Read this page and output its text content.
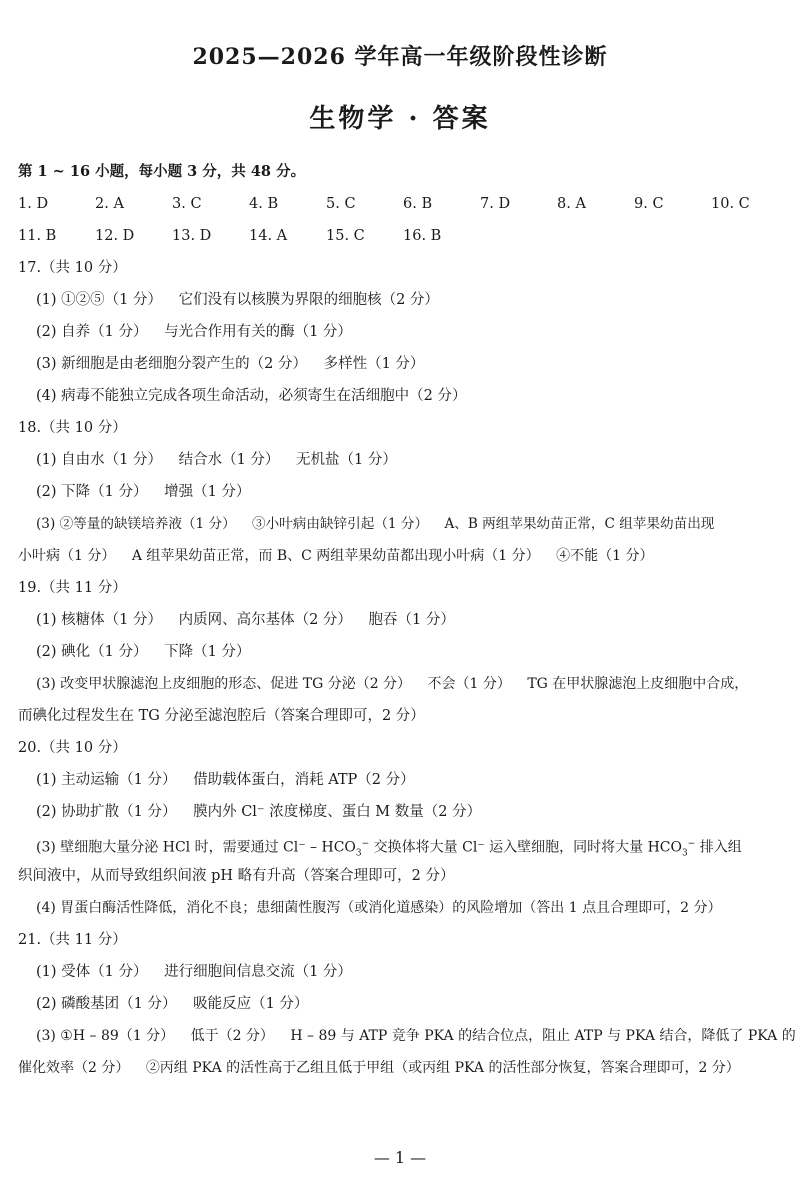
2025—2026 学年高一年级阶段性诊断
生物学 · 答案
第 1 ~ 16 小题，每小题 3 分，共 48 分。
1. D	2. A	3. C	4. B	5. C	6. B	7. D	8. A	9. C	10. C
11. B	12. D	13. D	14. A	15. C	16. B
17.（共 10 分）
(1) ①②⑤（1 分） 它们没有以核膜为界限的细胞核（2 分）
(2) 自养（1 分） 与光合作用有关的酶（1 分）
(3) 新细胞是由老细胞分裂产生的（2 分） 多样性（1 分）
(4) 病毒不能独立完成各项生命活动，必须寄生在活细胞中（2 分）
18.（共 10 分）
(1) 自由水（1 分） 结合水（1 分） 无机盐（1 分）
(2) 下降（1 分） 增强（1 分）
(3) ②等量的缺镁培养液（1 分） ③小叶病由缺锌引起（1 分） A、B 两组苹果幼苗正常，C 组苹果幼苗出现
小叶病（1 分） A 组苹果幼苗正常，而 B、C 两组苹果幼苗都出现小叶病（1 分） ④不能（1 分）
19.（共 11 分）
(1) 核糖体（1 分） 内质网、高尔基体（2 分） 胞吞（1 分）
(2) 碘化（1 分） 下降（1 分）
(3) 改变甲状腺滤泡上皮细胞的形态、促进 TG 分泌（2 分） 不会（1 分） TG 在甲状腺滤泡上皮细胞中合成，
而碘化过程发生在 TG 分泌至滤泡腔后（答案合理即可，2 分）
20.（共 10 分）
(1) 主动运输（1 分） 借助载体蛋白，消耗 ATP（2 分）
(2) 协助扩散（1 分） 膜内外 Cl⁻ 浓度梯度、蛋白 M 数量（2 分）
(3) 壁细胞大量分泌 HCl 时，需要通过 $Cl^- - HCO_3^-$ 交换体将大量 Cl⁻ 运入壁细胞，同时将大量 $HCO_3^-$ 排入组
织间液中，从而导致组织间液 pH 略有升高（答案合理即可，2 分）
(4) 胃蛋白酶活性降低，消化不良；患细菌性腹泻（或消化道感染）的风险增加（答出 1 点且合理即可，2 分）
21.（共 11 分）
(1) 受体（1 分） 进行细胞间信息交流（1 分）
(2) 磷酸基团（1 分） 吸能反应（1 分）
(3) ①H – 89（1 分） 低于（2 分） H – 89 与 ATP 竞争 PKA 的结合位点，阻止 ATP 与 PKA 结合，降低了 PKA 的
催化效率（2 分） ②丙组 PKA 的活性高于乙组且低于甲组（或丙组 PKA 的活性部分恢复，答案合理即可，2 分）
— 1 —
